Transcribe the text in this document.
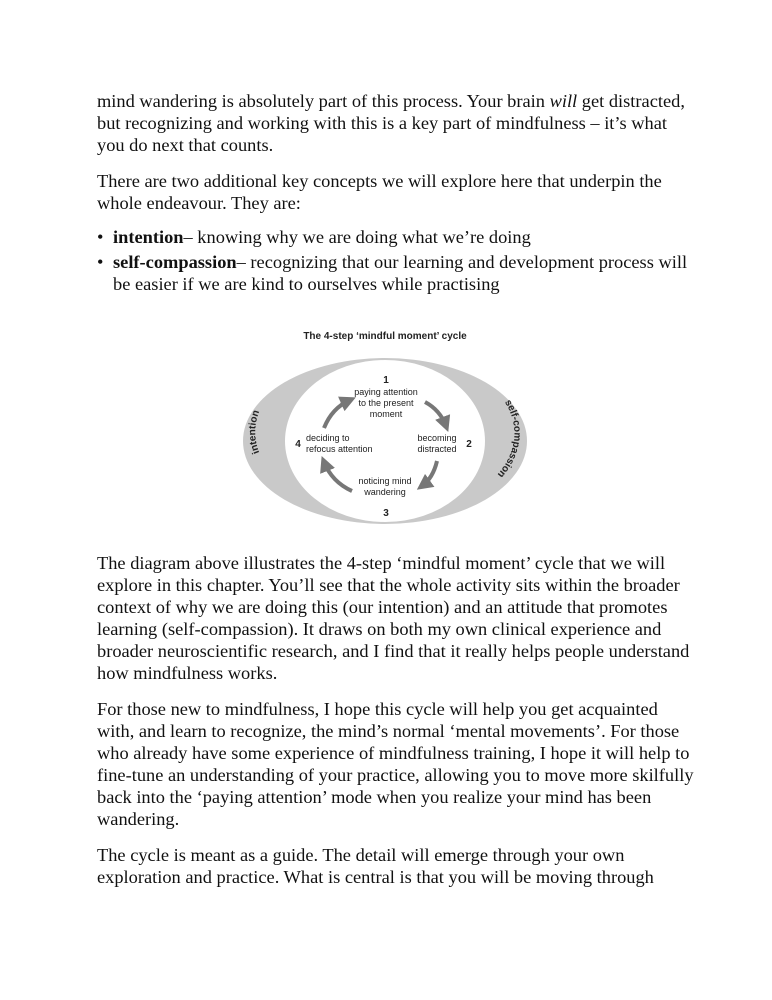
mind wandering is absolutely part of this process. Your brain will get distracted, but recognizing and working with this is a key part of mindfulness – it’s what you do next that counts.

There are two additional key concepts we will explore here that underpin the whole endeavour. They are:

• intention– knowing why we are doing what we’re doing
• self-compassion– recognizing that our learning and development process will be easier if we are kind to ourselves while practising
The 4-step ‘mindful moment’ cycle
intention
self-compassion
1
paying attention
to the present
moment
becoming
distracted 2
noticing mind
wandering
3
4
deciding to
refocus attention

The diagram above illustrates the 4-step ‘mindful moment’ cycle that we will explore in this chapter. You’ll see that the whole activity sits within the broader context of why we are doing this (our intention) and an attitude that promotes learning (self-compassion). It draws on both my own clinical experience and broader neuroscientific research, and I find that it really helps people understand how mindfulness works.

For those new to mindfulness, I hope this cycle will help you get acquainted with, and learn to recognize, the mind’s normal ‘mental movements’. For those who already have some experience of mindfulness training, I hope it will help to fine-tune an understanding of your practice, allowing you to move more skilfully back into the ‘paying attention’ mode when you realize your mind has been wandering.

The cycle is meant as a guide. The detail will emerge through your own exploration and practice. What is central is that you will be moving through
